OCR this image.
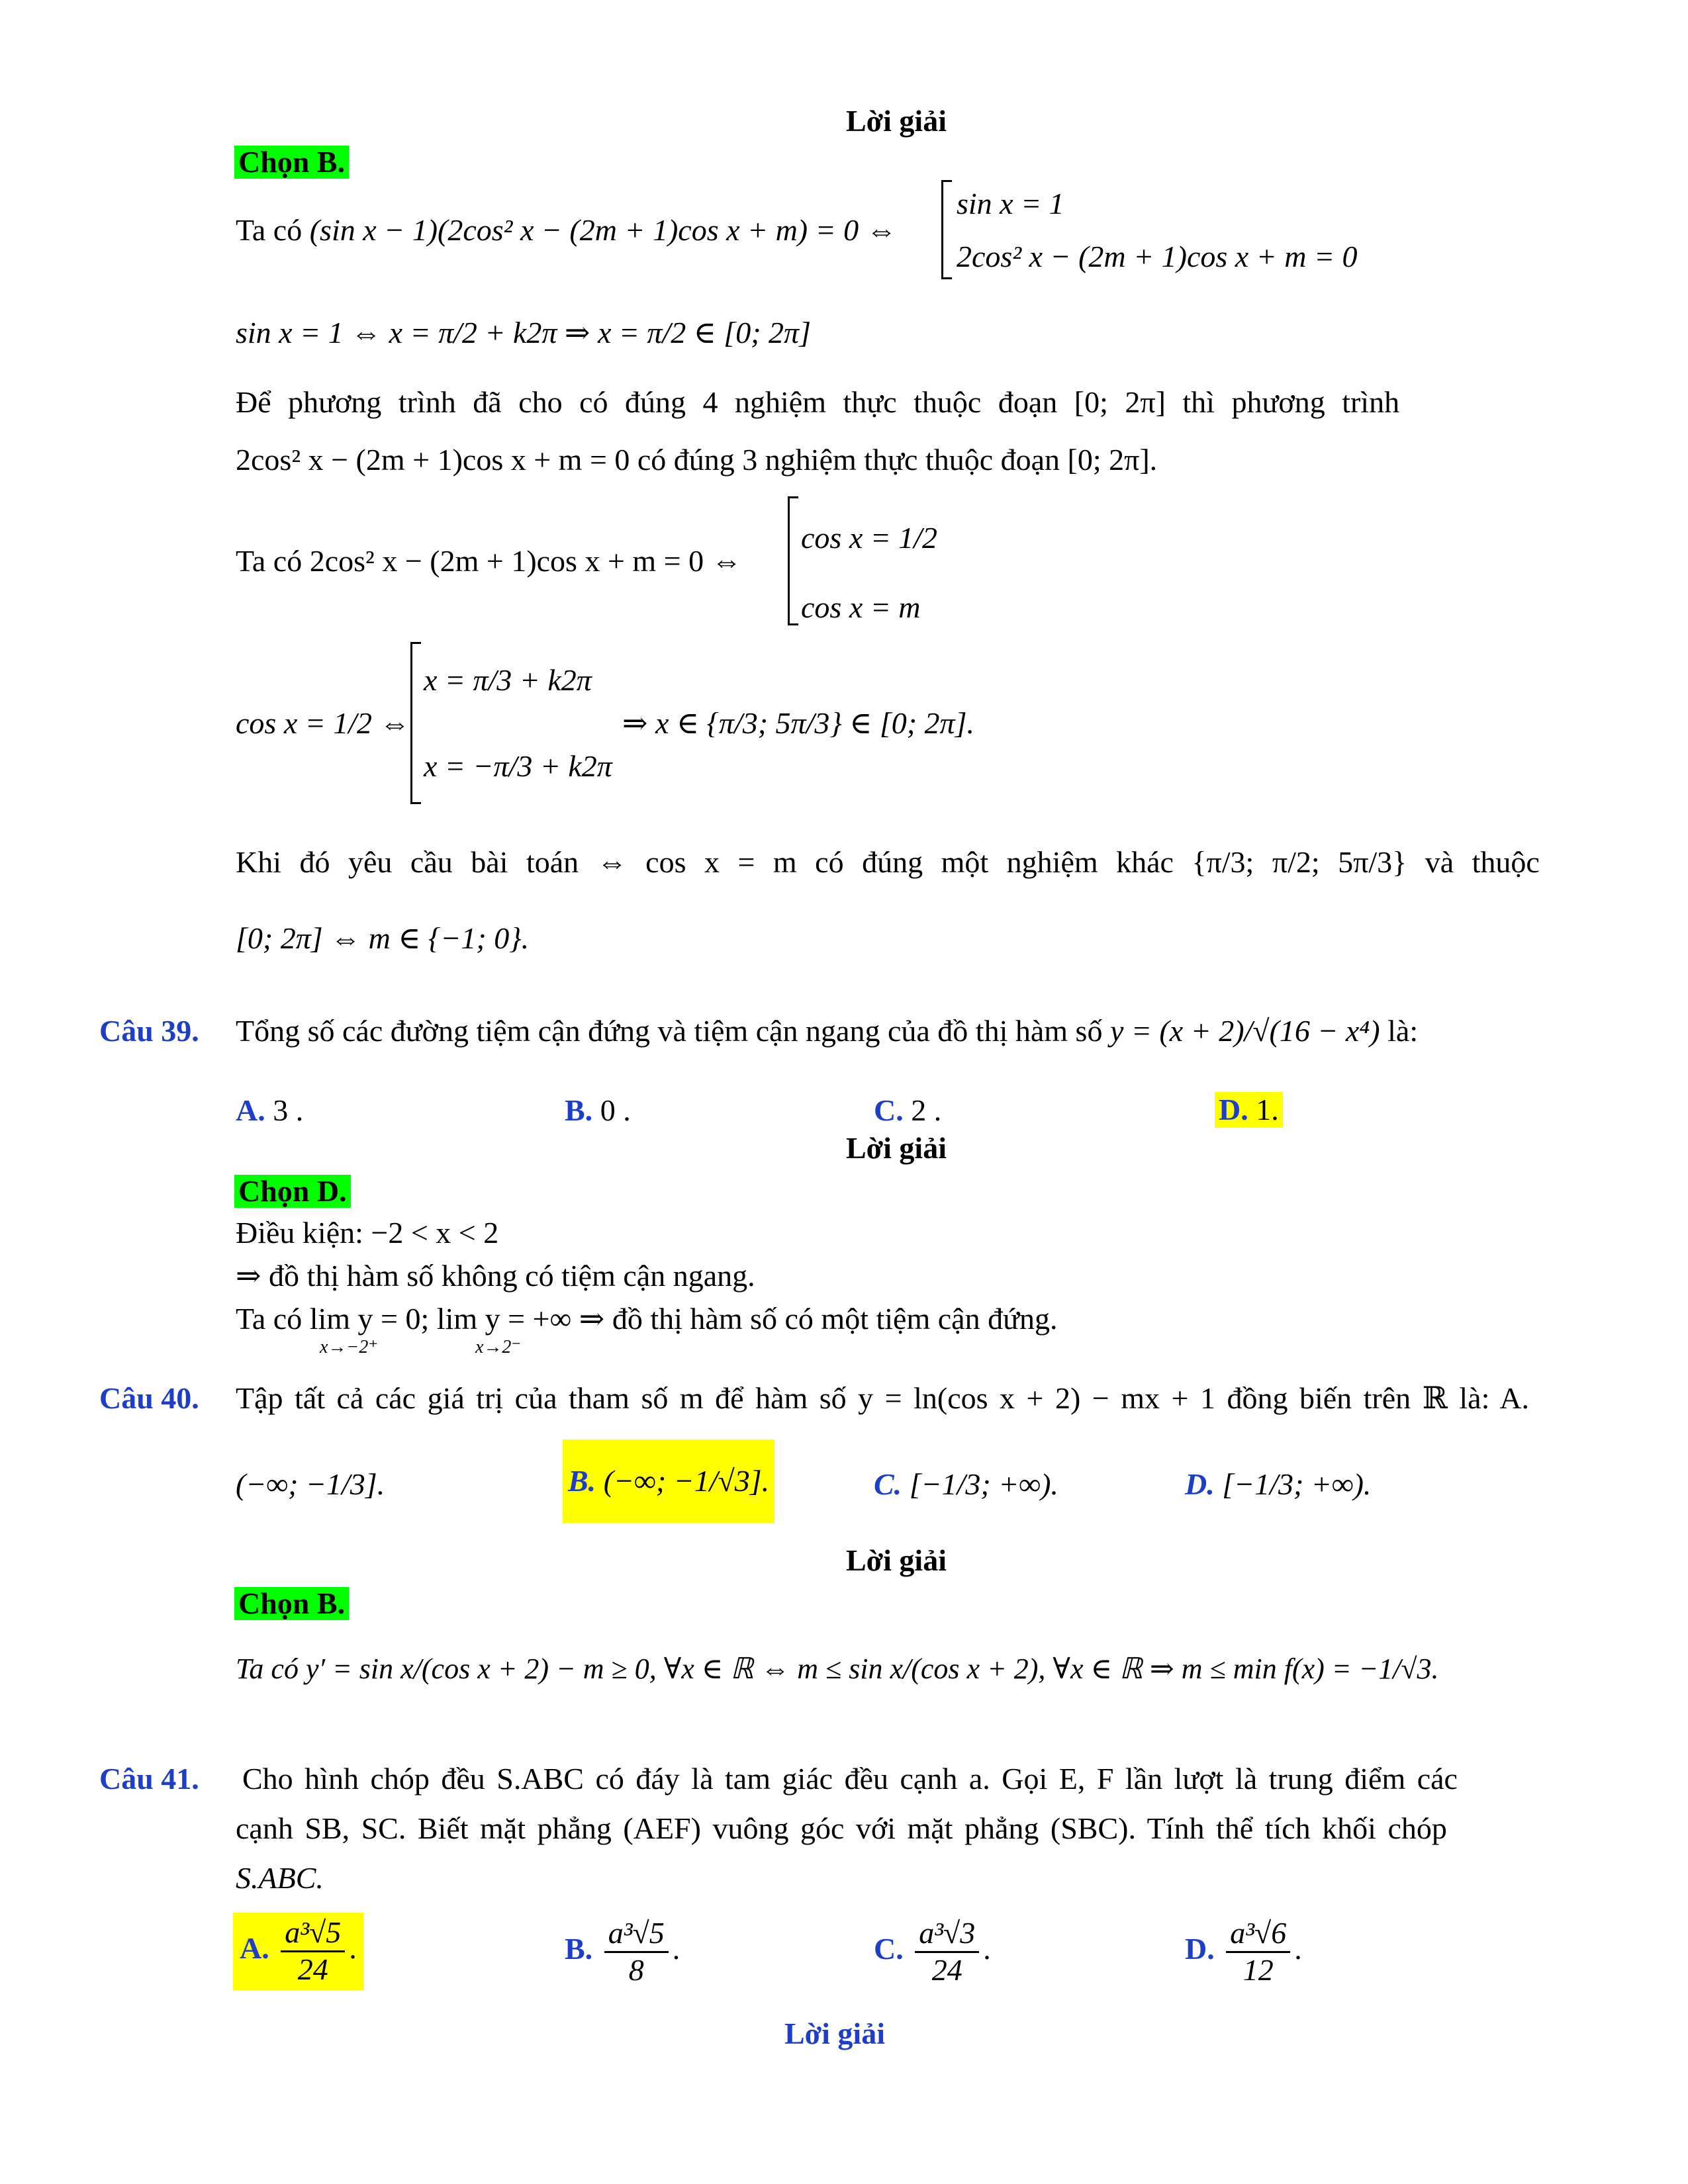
Lời giải
Chọn B.
Ta có (sin x − 1)(2cos² x − (2m + 1)cos x + m) = 0 ⇔
sin x = 1
2cos² x − (2m + 1)cos x + m = 0
sin x = 1 ⇔ x = π/2 + k2π ⇒ x = π/2 ∈ [0; 2π]
Để phương trình đã cho có đúng 4 nghiệm thực thuộc đoạn [0; 2π] thì phương trình
2cos² x − (2m + 1)cos x + m = 0 có đúng 3 nghiệm thực thuộc đoạn [0; 2π].
Ta có 2cos² x − (2m + 1)cos x + m = 0 ⇔
cos x = 1/2
cos x = m
cos x = 1/2 ⇔
x = π/3 + k2π
x = −π/3 + k2π
⇒ x ∈ {π/3; 5π/3} ∈ [0; 2π].
Khi đó yêu cầu bài toán ⇔ cos x = m có đúng một nghiệm khác {π/3; π/2; 5π/3} và thuộc
[0; 2π] ⇔ m ∈ {−1; 0}.
Câu 39. Tổng số các đường tiệm cận đứng và tiệm cận ngang của đồ thị hàm số y = (x + 2)/√(16 − x⁴) là:
A. 3 .	B. 0 .	C. 2 .	D. 1.
Lời giải
Chọn D.
Điều kiện: −2 < x < 2
⇒ đồ thị hàm số không có tiệm cận ngang.
Ta có lim y = 0; lim y = +∞ ⇒ đồ thị hàm số có một tiệm cận đứng.
x→−2⁺	x→2⁻
Câu 40. Tập tất cả các giá trị của tham số m để hàm số y = ln(cos x + 2) − mx + 1 đồng biến trên ℝ là: A.
(−∞; −1/3].	B. (−∞; −1/√3].	C. [−1/3; +∞).	D. [−1/3; +∞).
Lời giải
Chọn B.
Ta có y′ = sin x/(cos x + 2) − m ≥ 0, ∀x ∈ ℝ ⇔ m ≤ sin x/(cos x + 2), ∀x ∈ ℝ ⇒ m ≤ min f(x) = −1/√3.
Câu 41. Cho hình chóp đều S.ABC có đáy là tam giác đều cạnh a. Gọi E, F lần lượt là trung điểm các
cạnh SB, SC. Biết mặt phẳng (AEF) vuông góc với mặt phẳng (SBC). Tính thể tích khối chóp
S.ABC.
A. $\frac{\text{a³√5}}{24}$ .	B. $\frac{\text{a³√5}}{8}$ .	C. $\frac{\text{a³√3}}{24}$ .	D. $\frac{\text{a³√6}}{12}$ .
Lời giải
